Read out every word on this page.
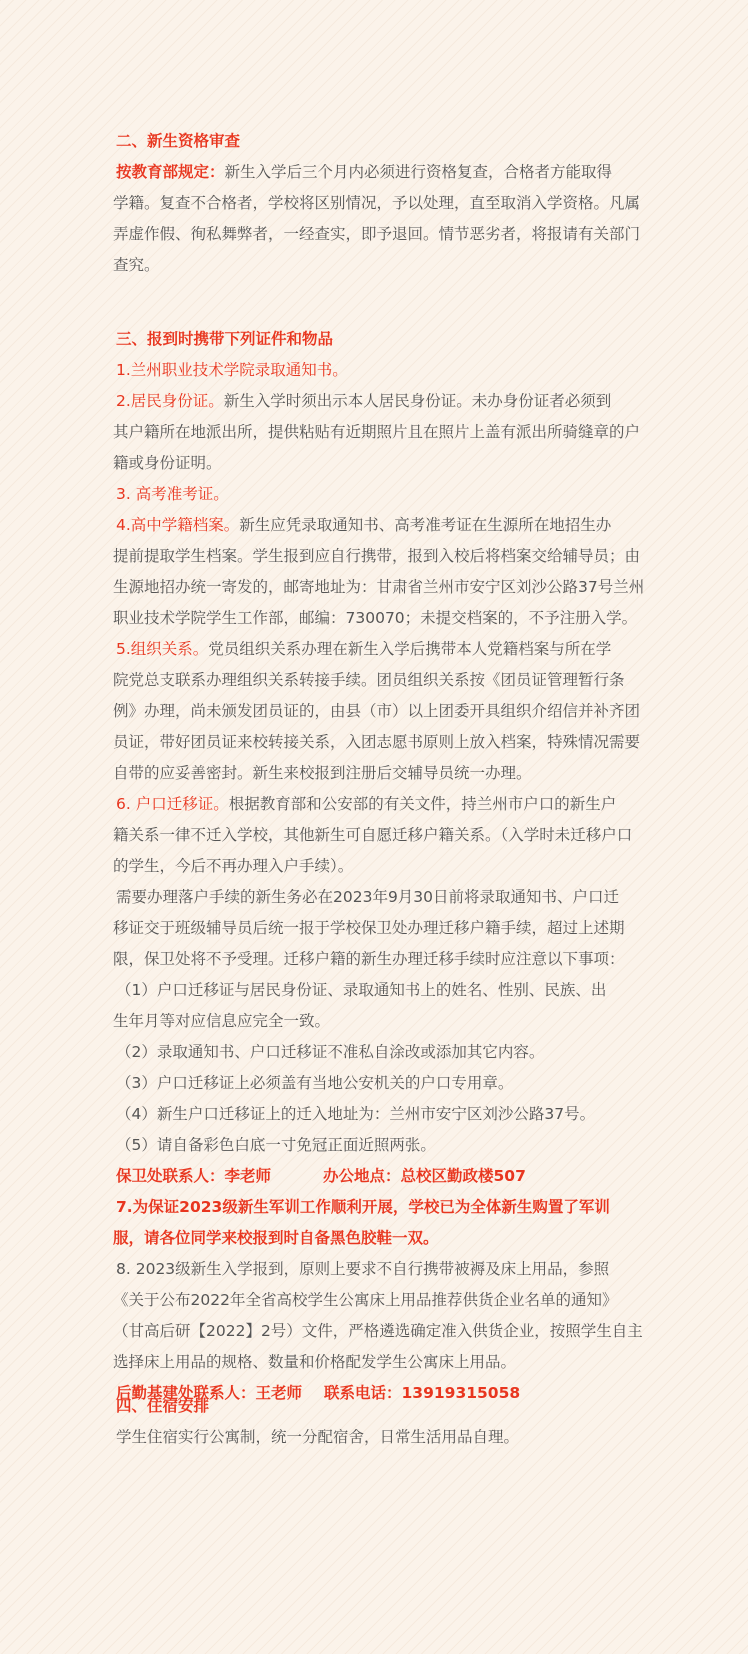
二、新生资格审查
按教育部规定：新生入学后三个月内必须进行资格复查，合格者方能取得
学籍。复查不合格者，学校将区别情况，予以处理，直至取消入学资格。凡属
弄虚作假、徇私舞弊者，一经查实，即予退回。情节恶劣者，将报请有关部门
查究。
三、报到时携带下列证件和物品
1.兰州职业技术学院录取通知书。
2.居民身份证。新生入学时须出示本人居民身份证。未办身份证者必须到
其户籍所在地派出所，提供粘贴有近期照片且在照片上盖有派出所骑缝章的户
籍或身份证明。
3. 高考准考证。
4.高中学籍档案。新生应凭录取通知书、高考准考证在生源所在地招生办
提前提取学生档案。学生报到应自行携带，报到入校后将档案交给辅导员；由
生源地招办统一寄发的，邮寄地址为：甘肃省兰州市安宁区刘沙公路37号兰州
职业技术学院学生工作部，邮编：730070；未提交档案的，不予注册入学。
5.组织关系。党员组织关系办理在新生入学后携带本人党籍档案与所在学
院党总支联系办理组织关系转接手续。团员组织关系按《团员证管理暂行条
例》办理，尚未颁发团员证的，由县（市）以上团委开具组织介绍信并补齐团
员证，带好团员证来校转接关系，入团志愿书原则上放入档案，特殊情况需要
自带的应妥善密封。新生来校报到注册后交辅导员统一办理。
6. 户口迁移证。根据教育部和公安部的有关文件，持兰州市户口的新生户
籍关系一律不迁入学校，其他新生可自愿迁移户籍关系。（入学时未迁移户口
的学生，今后不再办理入户手续）。
需要办理落户手续的新生务必在2023年9月30日前将录取通知书、户口迁
移证交于班级辅导员后统一报于学校保卫处办理迁移户籍手续，超过上述期
限，保卫处将不予受理。迁移户籍的新生办理迁移手续时应注意以下事项：
（1）户口迁移证与居民身份证、录取通知书上的姓名、性别、民族、出
生年月等对应信息应完全一致。
（2）录取通知书、户口迁移证不准私自涂改或添加其它内容。
（3）户口迁移证上必须盖有当地公安机关的户口专用章。
（4）新生户口迁移证上的迁入地址为：兰州市安宁区刘沙公路37号。
（5）请自备彩色白底一寸免冠正面近照两张。
保卫处联系人：李老师	办公地点：总校区勤政楼507
7.为保证2023级新生军训工作顺利开展，学校已为全体新生购置了军训
服，请各位同学来校报到时自备黑色胶鞋一双。
8. 2023级新生入学报到，原则上要求不自行携带被褥及床上用品，参照
《关于公布2022年全省高校学生公寓床上用品推荐供货企业名单的通知》
（甘高后研【2022】2号）文件，严格遴选确定准入供货企业，按照学生自主
选择床上用品的规格、数量和价格配发学生公寓床上用品。
后勤基建处联系人：王老师 联系电话：13919315058
四、住宿安排
学生住宿实行公寓制，统一分配宿舍，日常生活用品自理。
